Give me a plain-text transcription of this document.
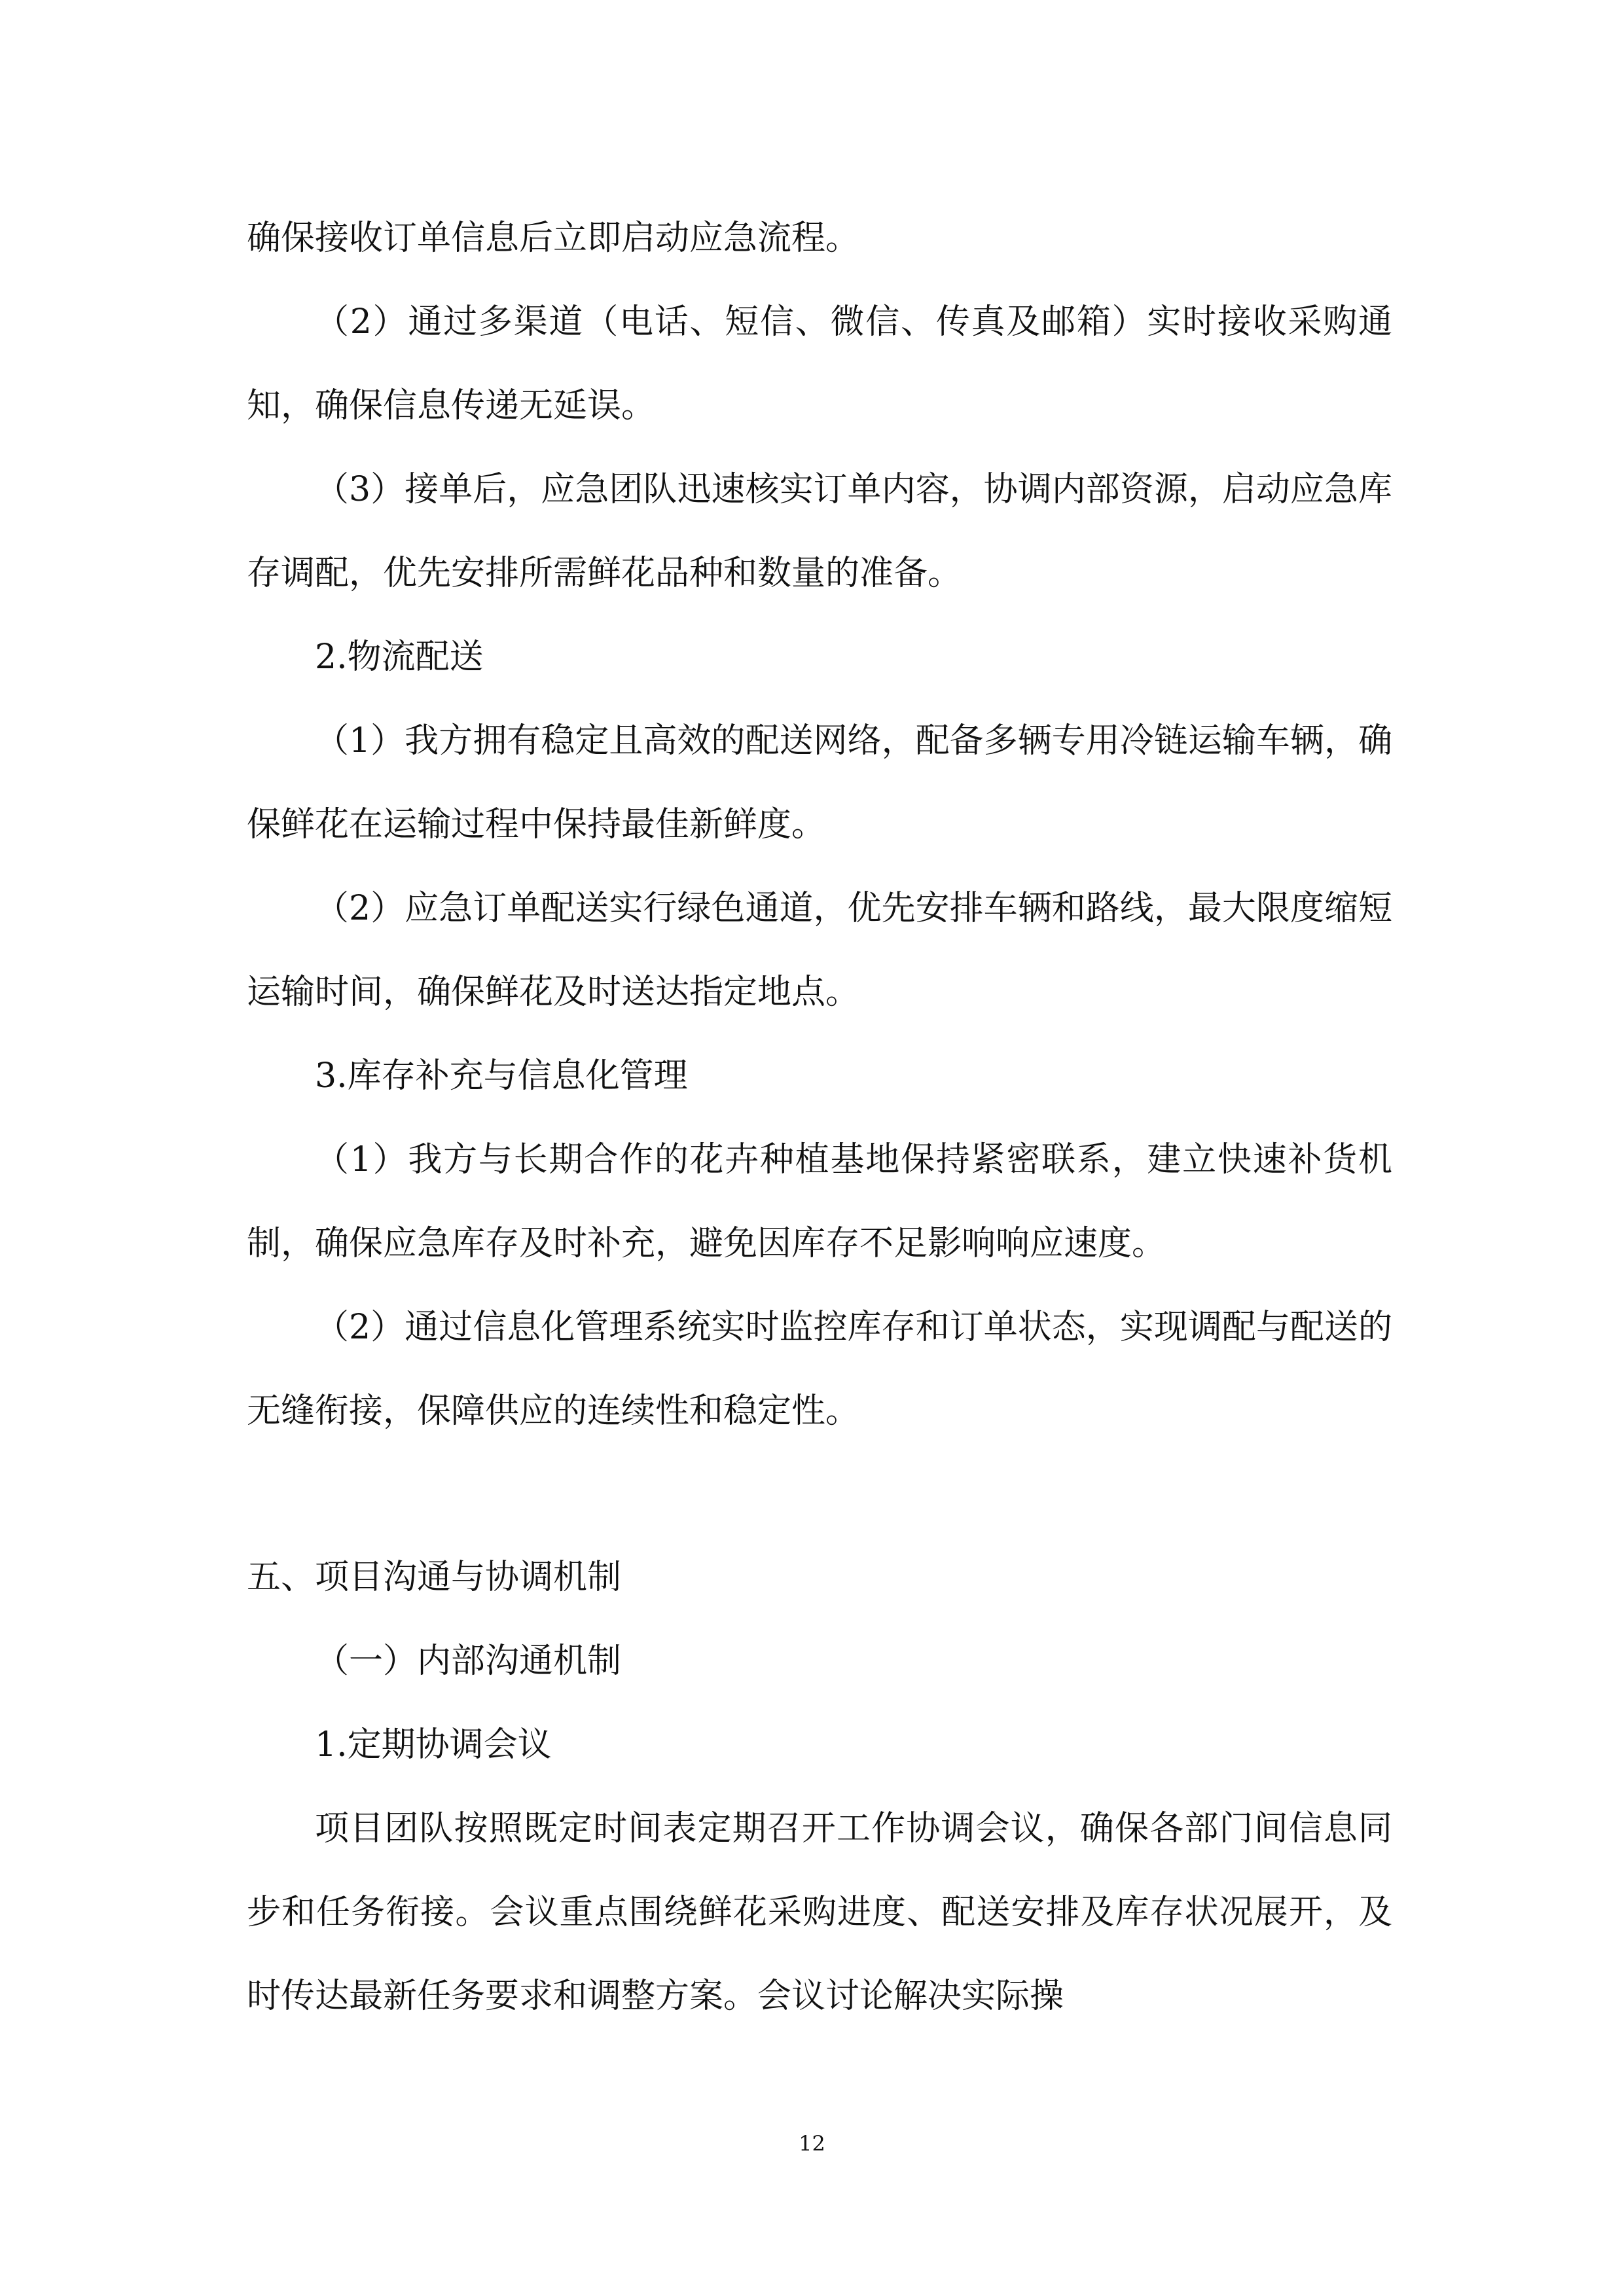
确保接收订单信息后立即启动应急流程。

（2）通过多渠道（电话、短信、微信、传真及邮箱）实时接收采购通知，确保信息传递无延误。

（3）接单后，应急团队迅速核实订单内容，协调内部资源，启动应急库存调配，优先安排所需鲜花品种和数量的准备。

2.物流配送

（1）我方拥有稳定且高效的配送网络，配备多辆专用冷链运输车辆，确保鲜花在运输过程中保持最佳新鲜度。

（2）应急订单配送实行绿色通道，优先安排车辆和路线，最大限度缩短运输时间，确保鲜花及时送达指定地点。

3.库存补充与信息化管理

（1）我方与长期合作的花卉种植基地保持紧密联系，建立快速补货机制，确保应急库存及时补充，避免因库存不足影响响应速度。

（2）通过信息化管理系统实时监控库存和订单状态，实现调配与配送的无缝衔接，保障供应的连续性和稳定性。

五、项目沟通与协调机制

（一）内部沟通机制

1.定期协调会议

项目团队按照既定时间表定期召开工作协调会议，确保各部门间信息同步和任务衔接。会议重点围绕鲜花采购进度、配送安排及库存状况展开，及时传达最新任务要求和调整方案。会议讨论解决实际操

12
